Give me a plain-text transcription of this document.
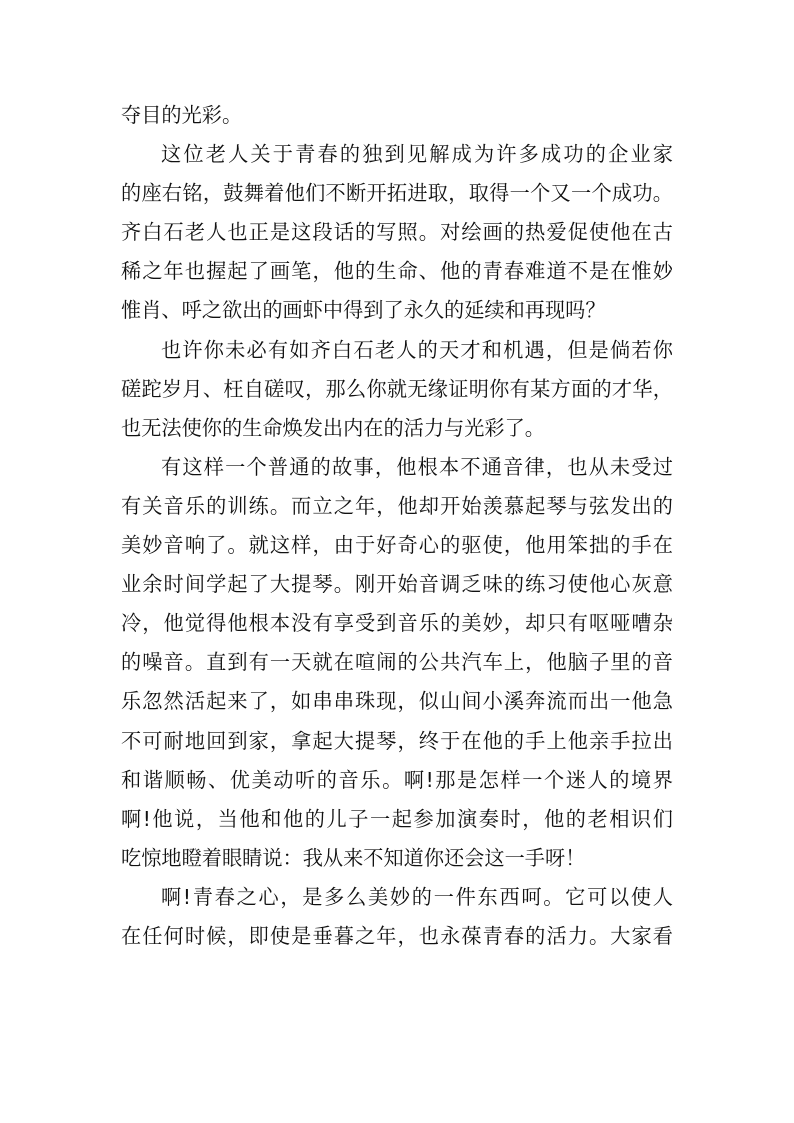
夺目的光彩。
这位老人关于青春的独到见解成为许多成功的企业家
的座右铭，鼓舞着他们不断开拓进取，取得一个又一个成功。
齐白石老人也正是这段话的写照。对绘画的热爱促使他在古
稀之年也握起了画笔，他的生命、他的青春难道不是在惟妙
惟肖、呼之欲出的画虾中得到了永久的延续和再现吗？
也许你未必有如齐白石老人的天才和机遇，但是倘若你
磋跎岁月、枉自磋叹，那么你就无缘证明你有某方面的才华，
也无法使你的生命焕发出内在的活力与光彩了。
有这样一个普通的故事，他根本不通音律，也从未受过
有关音乐的训练。而立之年，他却开始羡慕起琴与弦发出的
美妙音响了。就这样，由于好奇心的驱使，他用笨拙的手在
业余时间学起了大提琴。刚开始音调乏味的练习使他心灰意
冷，他觉得他根本没有享受到音乐的美妙，却只有呕哑嘈杂
的噪音。直到有一天就在喧闹的公共汽车上，他脑子里的音
乐忽然活起来了，如串串珠现，似山间小溪奔流而出一他急
不可耐地回到家，拿起大提琴，终于在他的手上他亲手拉出
和谐顺畅、优美动听的音乐。啊!那是怎样一个迷人的境界
啊!他说，当他和他的儿子一起参加演奏时，他的老相识们
吃惊地瞪着眼睛说：我从来不知道你还会这一手呀！
啊!青春之心，是多么美妙的一件东西呵。它可以使人
在任何时候，即使是垂暮之年，也永葆青春的活力。大家看
